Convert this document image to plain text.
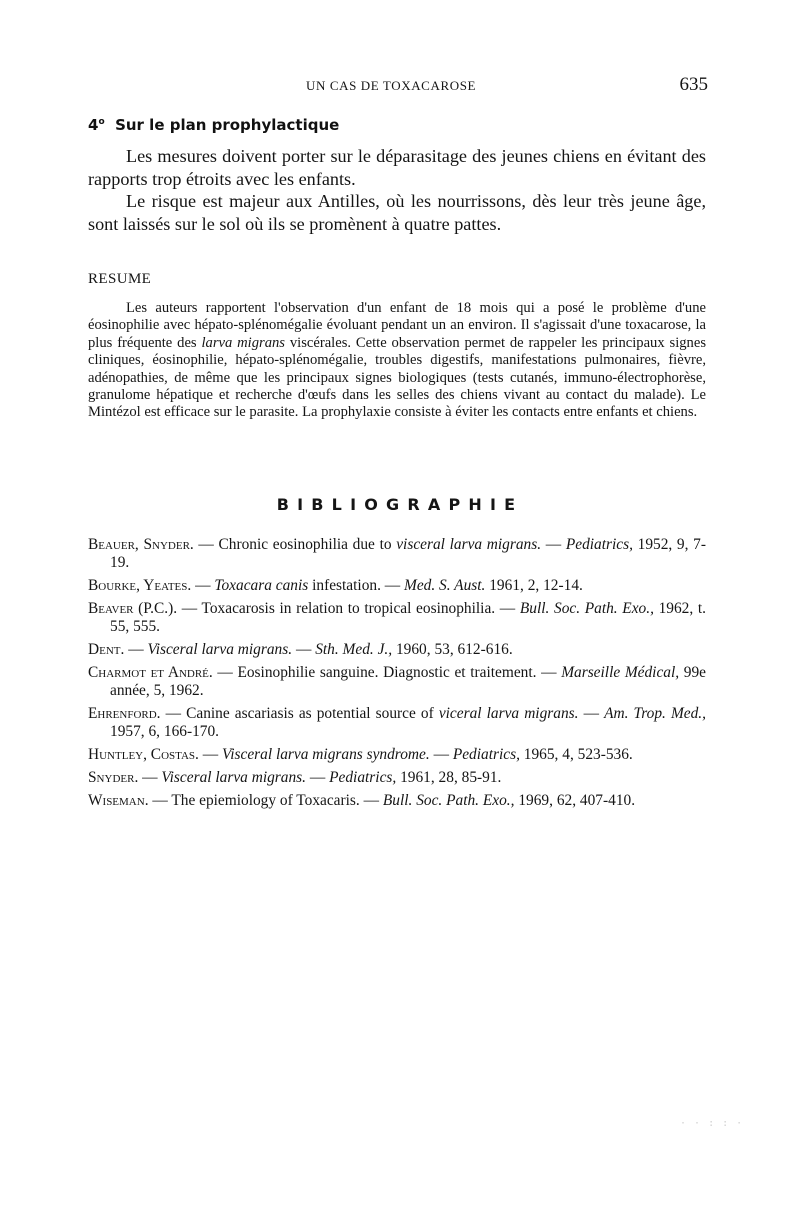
UN CAS DE TOXACAROSE	635
4$^o$ Sur le plan prophylactique

Les mesures doivent porter sur le déparasitage des jeunes chiens en évitant des rapports trop étroits avec les enfants.

Le risque est majeur aux Antilles, où les nourrissons, dès leur très jeune âge, sont laissés sur le sol où ils se promènent à quatre pattes.

RESUME

Les auteurs rapportent l'observation d'un enfant de 18 mois qui a posé le problème d'une éosinophilie avec hépato-splénomégalie évoluant pendant un an environ. Il s'agissait d'une toxacarose, la plus fréquente des larva migrans viscérales. Cette observation permet de rappeler les principaux signes cliniques, éosinophilie, hépato-splénomégalie, troubles digestifs, manifestations pulmonaires, fièvre, adénopathies, de même que les principaux signes biologiques (tests cutanés, immuno-électrophorèse, granulome hépatique et recherche d'œufs dans les selles des chiens vivant au contact du malade). Le Mintézol est efficace sur le parasite. La prophylaxie consiste à éviter les contacts entre enfants et chiens.

BIBLIOGRAPHIE
Beauer, Snyder. — Chronic eosinophilia due to visceral larva migrans. — Pediatrics, 1952, 9, 7-19.
Bourke, Yeates. — Toxacara canis infestation. — Med. S. Aust. 1961, 2, 12-14.
Beaver (P.C.). — Toxacarosis in relation to tropical eosinophilia. — Bull. Soc. Path. Exo., 1962, t. 55, 555.
Dent. — Visceral larva migrans. — Sth. Med. J., 1960, 53, 612-616.
Charmot et André. — Eosinophilie sanguine. Diagnostic et traitement. — Marseille Médical, 99e année, 5, 1962.
Ehrenford. — Canine ascariasis as potential source of viceral larva migrans. — Am. Trop. Med., 1957, 6, 166-170.
Huntley, Costas. — Visceral larva migrans syndrome. — Pediatrics, 1965, 4, 523-536.
Snyder. — Visceral larva migrans. — Pediatrics, 1961, 28, 85-91.
Wiseman. — The epiemiology of Toxacaris. — Bull. Soc. Path. Exo., 1969, 62, 407-410.
· · : : ·
